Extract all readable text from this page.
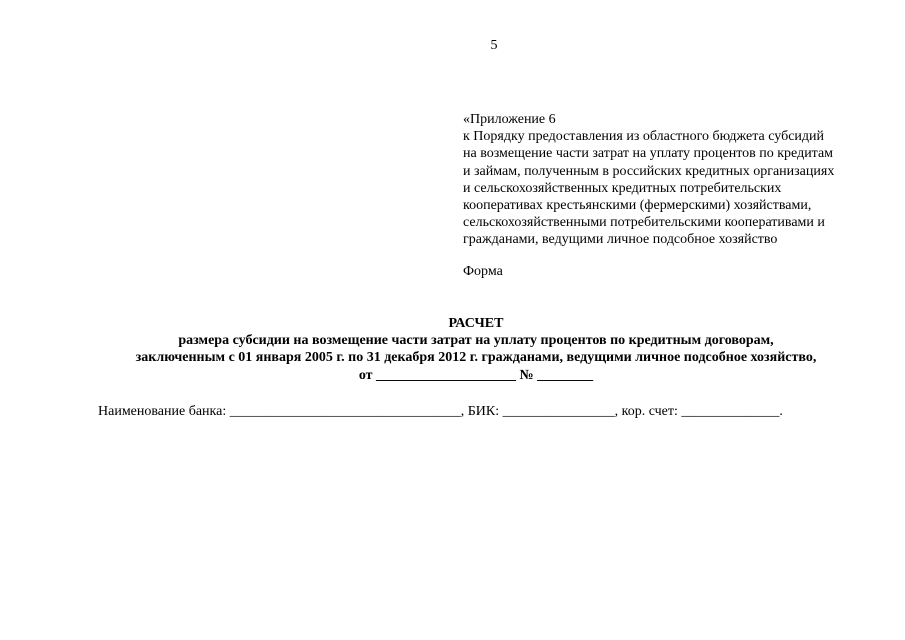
5
«Приложение 6
к Порядку предоставления из областного бюджета субсидий
на возмещение части затрат на уплату процентов по кредитам
и займам, полученным в российских кредитных организациях
и сельскохозяйственных кредитных потребительских
кооперативах крестьянскими (фермерскими) хозяйствами,
сельскохозяйственными потребительскими кооперативами и
гражданами, ведущими личное подсобное хозяйство
Форма
РАСЧЕТ
размера субсидии на возмещение части затрат на уплату процентов по кредитным договорам,
заключенным с 01 января 2005 г. по 31 декабря 2012 г. гражданами, ведущими личное подсобное хозяйство,
от ____________________ № ________
Наименование банка: _________________________________, БИК: ________________, кор. счет: ______________.
